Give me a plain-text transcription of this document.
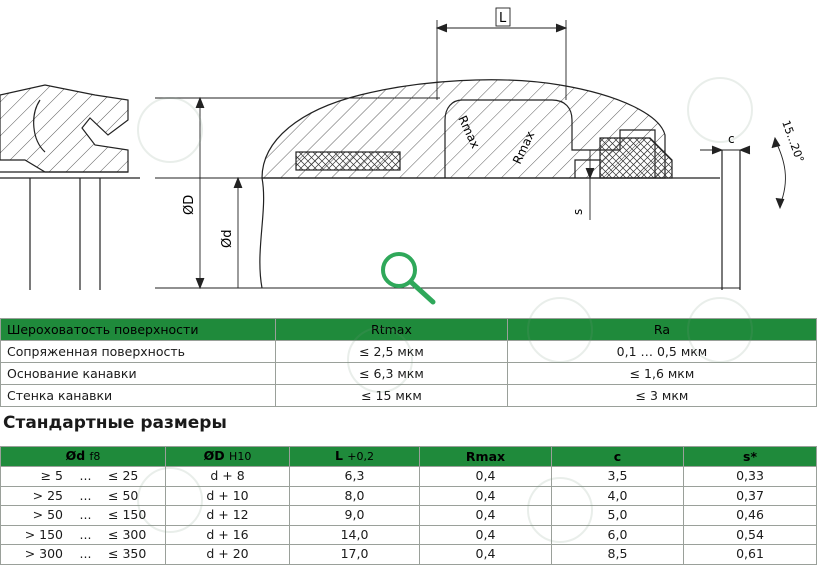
L
Rmax Rmax
ØD
Ød
s
c	15...20°
Шероховатость поверхности	Rtmax	Ra
Сопряженная поверхность	≤ 2,5 мкм	0,1 … 0,5 мкм
Основание канавки	≤ 6,3 мкм	≤ 1,6 мкм
Стенка канавки	≤ 15 мкм	≤ 3 мкм
Стандартные размеры
Ød f8	ØD H10	L +0,2	Rmax	c	s*
≥ 5 ... ≤ 25	d + 8	6,3	0,4	3,5	0,33
> 25 ... ≤ 50	d + 10	8,0	0,4	4,0	0,37
> 50 ... ≤ 150	d + 12	9,0	0,4	5,0	0,46
> 150 ... ≤ 300	d + 16	14,0	0,4	6,0	0,54
> 300 ... ≤ 350	d + 20	17,0	0,4	8,5	0,61
